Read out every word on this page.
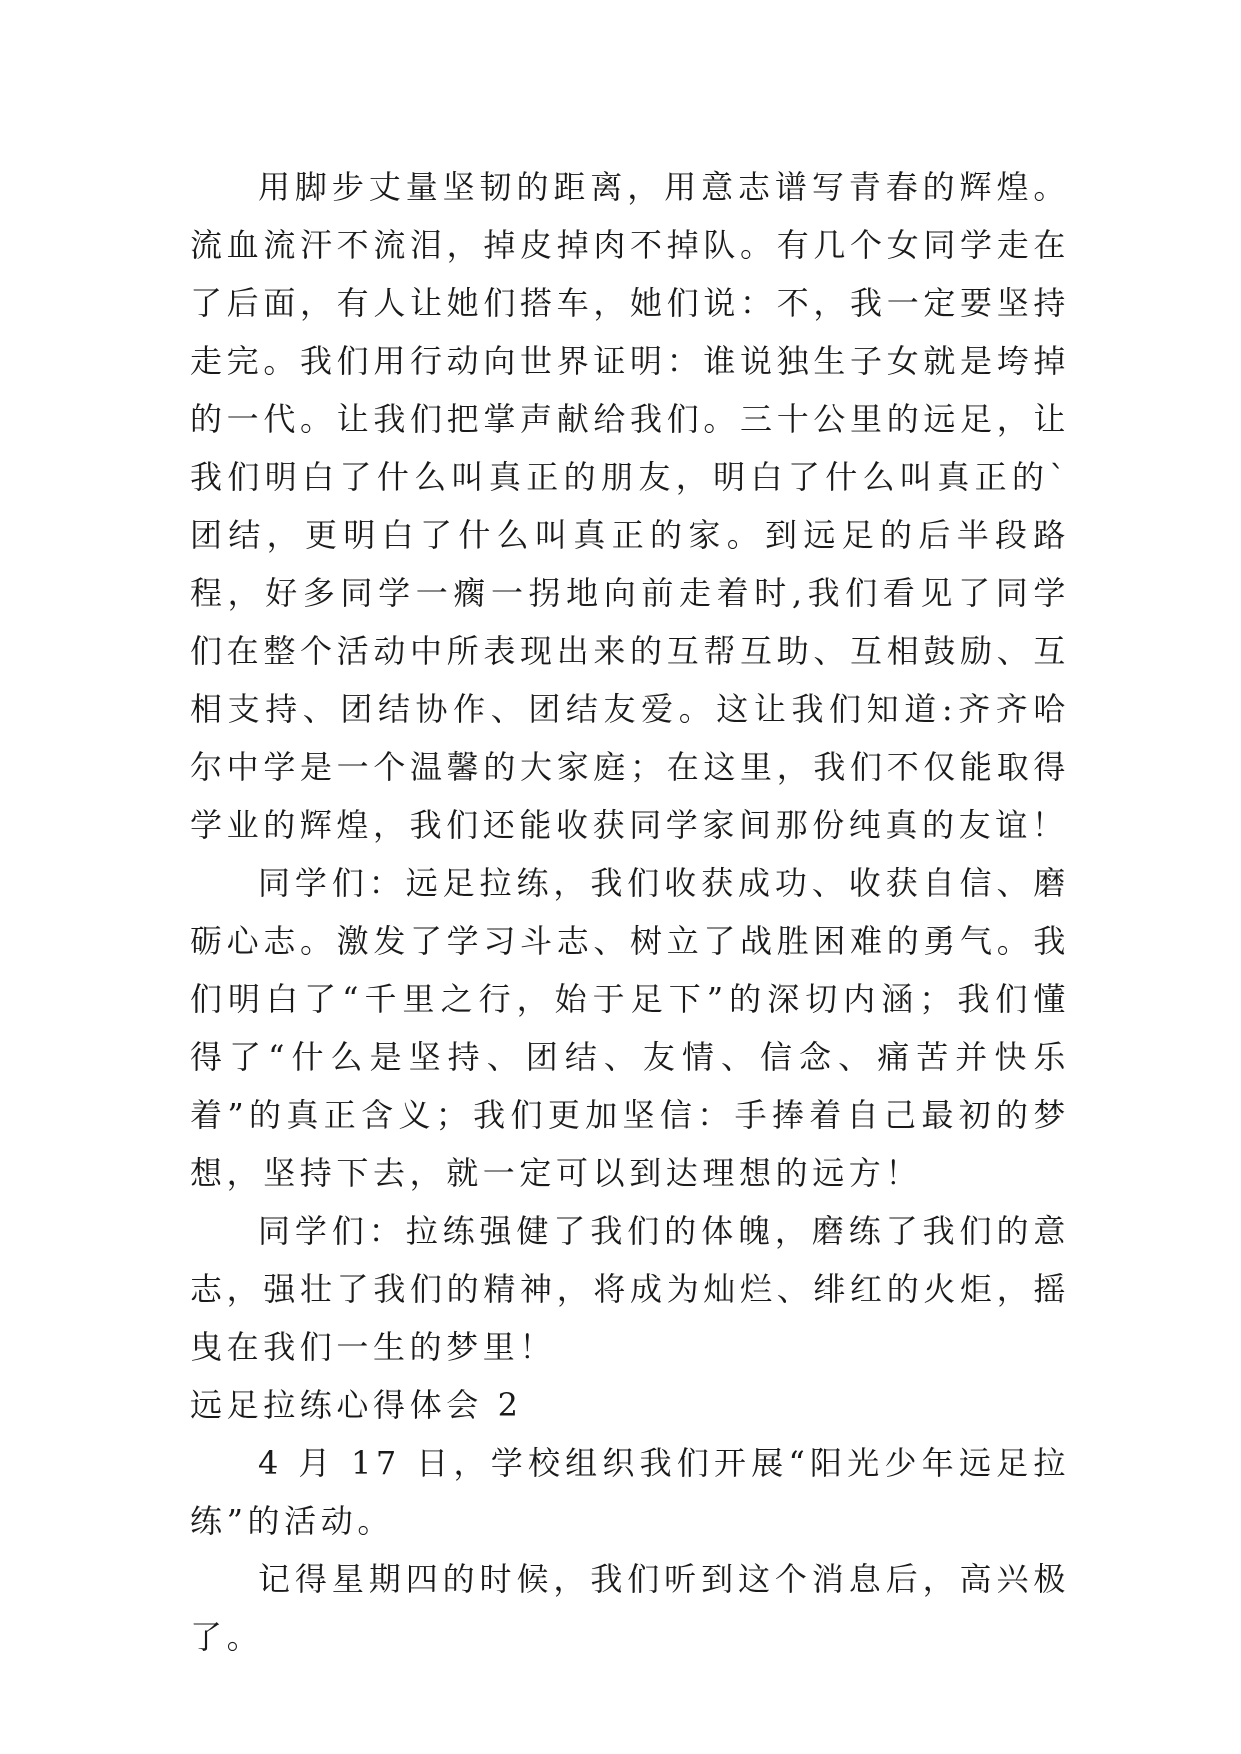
用脚步丈量坚韧的距离，用意志谱写青春的辉煌。流血流汗不流泪，掉皮掉肉不掉队。有几个女同学走在了后面，有人让她们搭车，她们说：不，我一定要坚持走完。我们用行动向世界证明：谁说独生子女就是垮掉的一代。让我们把掌声献给我们。三十公里的远足，让我们明白了什么叫真正的朋友，明白了什么叫真正的`团结，更明白了什么叫真正的家。到远足的后半段路程，好多同学一瘸一拐地向前走着时,我们看见了同学们在整个活动中所表现出来的互帮互助、互相鼓励、互相支持、团结协作、团结友爱。这让我们知道:齐齐哈尔中学是一个温馨的大家庭；在这里，我们不仅能取得学业的辉煌，我们还能收获同学家间那份纯真的友谊！

同学们：远足拉练，我们收获成功、收获自信、磨砺心志。激发了学习斗志、树立了战胜困难的勇气。我们明白了“千里之行，始于足下”的深切内涵；我们懂得了“什么是坚持、团结、友情、信念、痛苦并快乐着”的真正含义；我们更加坚信：手捧着自己最初的梦想，坚持下去，就一定可以到达理想的远方！

同学们：拉练强健了我们的体魄，磨练了我们的意志，强壮了我们的精神，将成为灿烂、绯红的火炬，摇曳在我们一生的梦里！

远足拉练心得体会 2

4 月 17 日，学校组织我们开展“阳光少年远足拉练”的活动。

记得星期四的时候，我们听到这个消息后，高兴极了。
